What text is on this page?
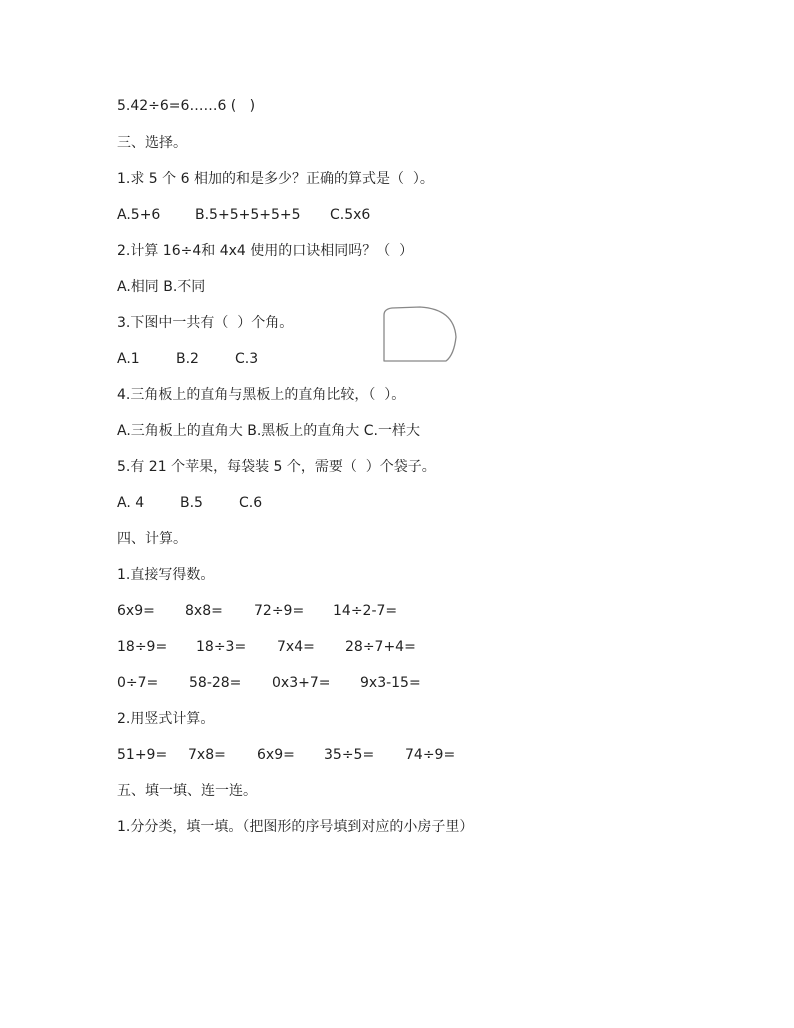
5.42÷6=6……6 (   )

三、选择。

1.求 5 个 6 相加的和是多少？正确的算式是（  ）。

A.5+6 B.5+5+5+5+5 C.5x6

2.计算 16÷4和 4x4 使用的口诀相同吗？（  ）

A.相同 B.不同

3.下图中一共有（  ）个角。

A.1	B.2	C.3

4.三角板上的直角与黑板上的直角比较，（  ）。

A.三角板上的直角大 B.黑板上的直角大 C.一样大

5.有 21 个苹果，每袋装 5 个，需要（  ）个袋子。

A. 4	B.5	C.6

四、计算。

1.直接写得数。

6x9= 8x8= 72÷9= 14÷2-7=
18÷9= 18÷3= 7x4= 28÷7+4=
0÷7= 58-28= 0x3+7= 9x3-15=

2.用竖式计算。

51+9= 7x8= 6x9= 35÷5= 74÷9=

五、填一填、连一连。

1.分分类，填一填。（把图形的序号填到对应的小房子里）
